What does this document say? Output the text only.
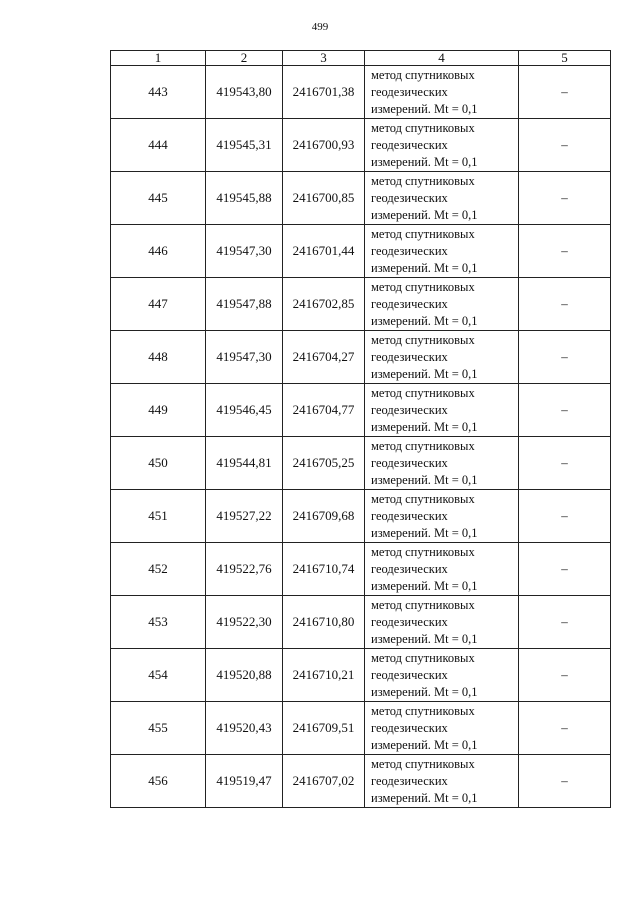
499
1	2	3	4	5
443	419543,80	2416701,38	метод спутниковых
геодезических
измерений. Mt = 0,1	–
444	419545,31	2416700,93	метод спутниковых
геодезических
измерений. Mt = 0,1	–
445	419545,88	2416700,85	метод спутниковых
геодезических
измерений. Mt = 0,1	–
446	419547,30	2416701,44	метод спутниковых
геодезических
измерений. Mt = 0,1	–
447	419547,88	2416702,85	метод спутниковых
геодезических
измерений. Mt = 0,1	–
448	419547,30	2416704,27	метод спутниковых
геодезических
измерений. Mt = 0,1	–
449	419546,45	2416704,77	метод спутниковых
геодезических
измерений. Mt = 0,1	–
450	419544,81	2416705,25	метод спутниковых
геодезических
измерений. Mt = 0,1	–
451	419527,22	2416709,68	метод спутниковых
геодезических
измерений. Mt = 0,1	–
452	419522,76	2416710,74	метод спутниковых
геодезических
измерений. Mt = 0,1	–
453	419522,30	2416710,80	метод спутниковых
геодезических
измерений. Mt = 0,1	–
454	419520,88	2416710,21	метод спутниковых
геодезических
измерений. Mt = 0,1	–
455	419520,43	2416709,51	метод спутниковых
геодезических
измерений. Mt = 0,1	–
456	419519,47	2416707,02	метод спутниковых
геодезических
измерений. Mt = 0,1	–
